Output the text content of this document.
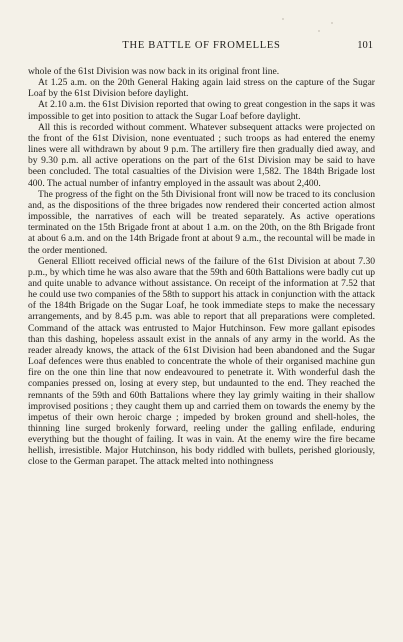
THE BATTLE OF FROMELLES	101

whole of the 61st Division was now back in its original front line.

At 1.25 a.m. on the 20th General Haking again laid stress on the capture of the Sugar Loaf by the 61st Division before daylight.

At 2.10 a.m. the 61st Division reported that owing to great congestion in the saps it was impossible to get into position to attack the Sugar Loaf before daylight.

All this is recorded without comment. Whatever subsequent attacks were projected on the front of the 61st Division, none eventuated ; such troops as had entered the enemy lines were all withdrawn by about 9 p.m. The artillery fire then gradually died away, and by 9.30 p.m. all active operations on the part of the 61st Division may be said to have been concluded. The total casualties of the Division were 1,582. The 184th Brigade lost 400. The actual number of infantry employed in the assault was about 2,400.

The progress of the fight on the 5th Divisional front will now be traced to its conclusion and, as the dispositions of the three brigades now rendered their concerted action almost impossible, the narratives of each will be treated separately. As active operations terminated on the 15th Brigade front at about 1 a.m. on the 20th, on the 8th Brigade front at about 6 a.m. and on the 14th Brigade front at about 9 a.m., the recountal will be made in the order mentioned.

General Elliott received official news of the failure of the 61st Division at about 7.30 p.m., by which time he was also aware that the 59th and 60th Battalions were badly cut up and quite unable to advance without assistance. On receipt of the information at 7.52 that he could use two companies of the 58th to support his attack in conjunction with the attack of the 184th Brigade on the Sugar Loaf, he took immediate steps to make the necessary arrangements, and by 8.45 p.m. was able to report that all preparations were completed. Command of the attack was entrusted to Major Hutchinson. Few more gallant episodes than this dashing, hopeless assault exist in the annals of any army in the world. As the reader already knows, the attack of the 61st Division had been abandoned and the Sugar Loaf defences were thus enabled to concentrate the whole of their organised machine gun fire on the one thin line that now endeavoured to penetrate it. With wonderful dash the companies pressed on, losing at every step, but undaunted to the end. They reached the remnants of the 59th and 60th Battalions where they lay grimly waiting in their shallow improvised positions ; they caught them up and carried them on towards the enemy by the impetus of their own heroic charge ; impeded by broken ground and shell-holes, the thinning line surged brokenly forward, reeling under the galling enfilade, enduring everything but the thought of failing. It was in vain. At the enemy wire the fire became hellish, irresistible. Major Hutchinson, his body riddled with bullets, perished gloriously, close to the German parapet. The attack melted into nothingness
